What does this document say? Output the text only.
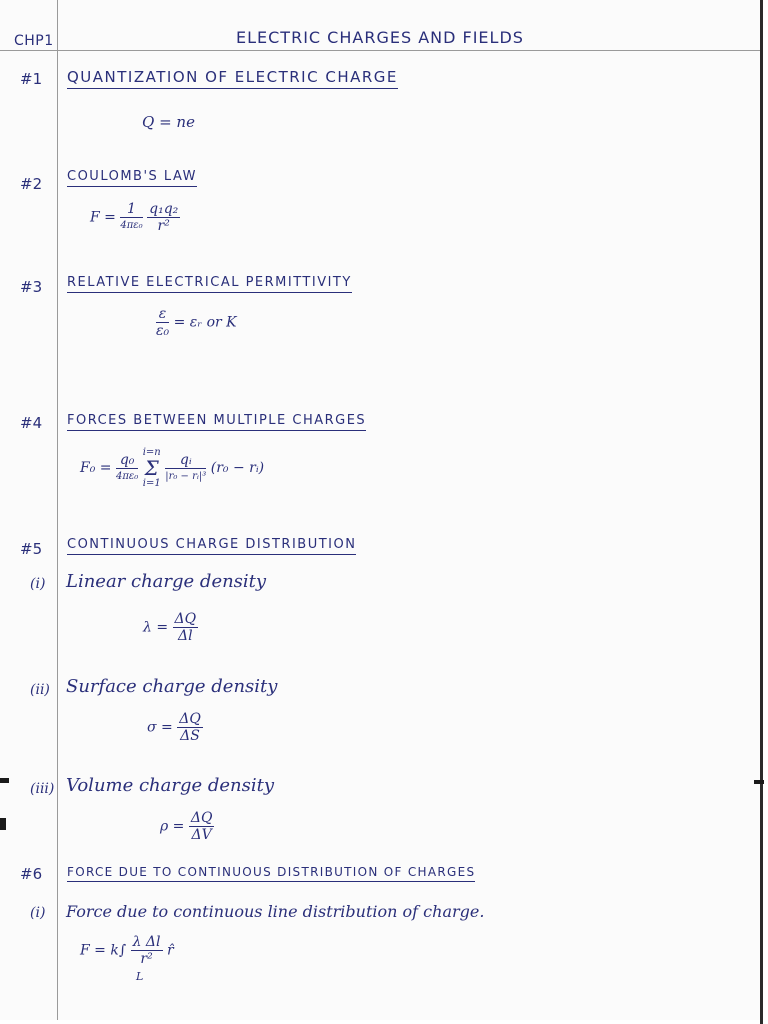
CHP1	ELECTRIC CHARGES AND FIELDS
#1 QUANTIZATION OF ELECTRIC CHARGE
Q = ne
#2 COULOMB'S LAW
$F = \frac{1}{\text{4πε₀}}$
$\frac{\text{q₁q₂}}{\text{r²}}$
#3 RELATIVE ELECTRICAL PERMITTIVITY
$\frac{\varepsilon}{\text{ε₀}}$ = εᵣ or K
#4 FORCES BETWEEN MULTIPLE CHARGES
$F_0 = \frac{\text{q₀}}{\text{4πε₀}} i=n$
Σ
$i=1 \frac{\text{qᵢ}}{\text{|r₀ − rᵢ|³}} (r_0$ − rᵢ)
#5 CONTINUOUS CHARGE DISTRIBUTION
(i) Linear charge density
$\lambda = \frac{\Delta Q}{\Delta l}$
(ii) Surface charge density
$\sigma = \frac{\Delta Q}{\Delta S}$
(iii) Volume charge density
$\rho = \frac{\Delta Q}{\Delta V}$
#6 FORCE DUE TO CONTINUOUS DISTRIBUTION OF CHARGES
(i) Force due to continuous line distribution of charge.
$F = k\int \frac{\text{λ Δl}}{\text{r²}}$ r̂
L
